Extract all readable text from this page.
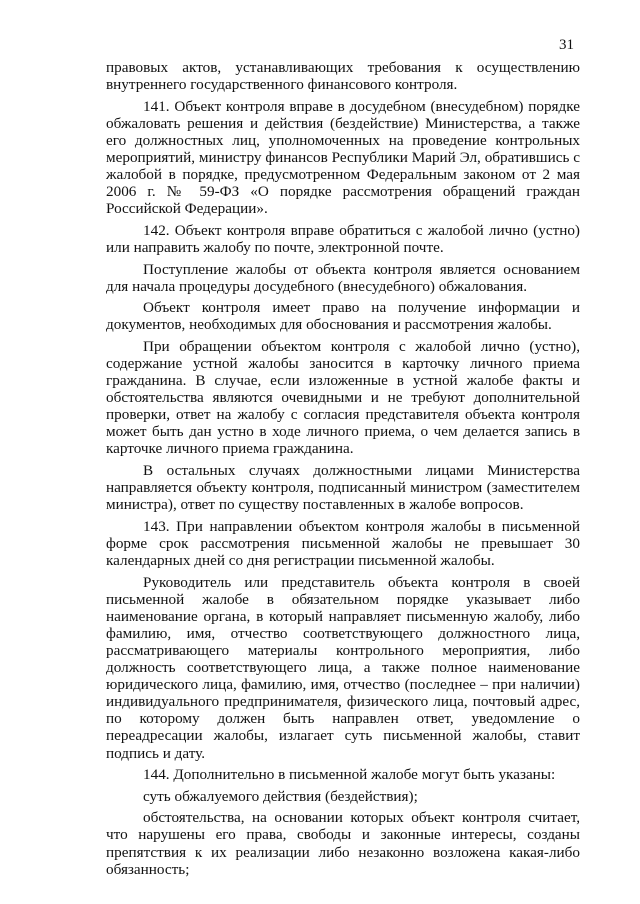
31

правовых актов, устанавливающих требования к осуществлению внутреннего государственного финансового контроля.

141. Объект контроля вправе в досудебном (внесудебном) порядке обжаловать решения и действия (бездействие) Министерства, а также его должностных лиц, уполномоченных на проведение контрольных мероприятий, министру финансов Республики Марий Эл, обратившись с жалобой в порядке, предусмотренном Федеральным законом от 2 мая 2006 г. № 59-ФЗ «О порядке рассмотрения обращений граждан Российской Федерации».

142. Объект контроля вправе обратиться с жалобой лично (устно) или направить жалобу по почте, электронной почте.

Поступление жалобы от объекта контроля является основанием для начала процедуры досудебного (внесудебного) обжалования.

Объект контроля имеет право на получение информации и документов, необходимых для обоснования и рассмотрения жалобы.

При обращении объектом контроля с жалобой лично (устно), содержание устной жалобы заносится в карточку личного приема гражданина. В случае, если изложенные в устной жалобе факты и обстоятельства являются очевидными и не требуют дополнительной проверки, ответ на жалобу с согласия представителя объекта контроля может быть дан устно в ходе личного приема, о чем делается запись в карточке личного приема гражданина.

В остальных случаях должностными лицами Министерства направляется объекту контроля, подписанный министром (заместителем министра), ответ по существу поставленных в жалобе вопросов.

143. При направлении объектом контроля жалобы в письменной форме срок рассмотрения письменной жалобы не превышает 30 календарных дней со дня регистрации письменной жалобы.

Руководитель или представитель объекта контроля в своей письменной жалобе в обязательном порядке указывает либо наименование органа, в который направляет письменную жалобу, либо фамилию, имя, отчество соответствующего должностного лица, рассматривающего материалы контрольного мероприятия, либо должность соответствующего лица, а также полное наименование юридического лица, фамилию, имя, отчество (последнее – при наличии) индивидуального предпринимателя, физического лица, почтовый адрес, по которому должен быть направлен ответ, уведомление о переадресации жалобы, излагает суть письменной жалобы, ставит подпись и дату.

144. Дополнительно в письменной жалобе могут быть указаны:

суть обжалуемого действия (бездействия);

обстоятельства, на основании которых объект контроля считает, что нарушены его права, свободы и законные интересы, созданы препятствия к их реализации либо незаконно возложена какая-либо обязанность;
